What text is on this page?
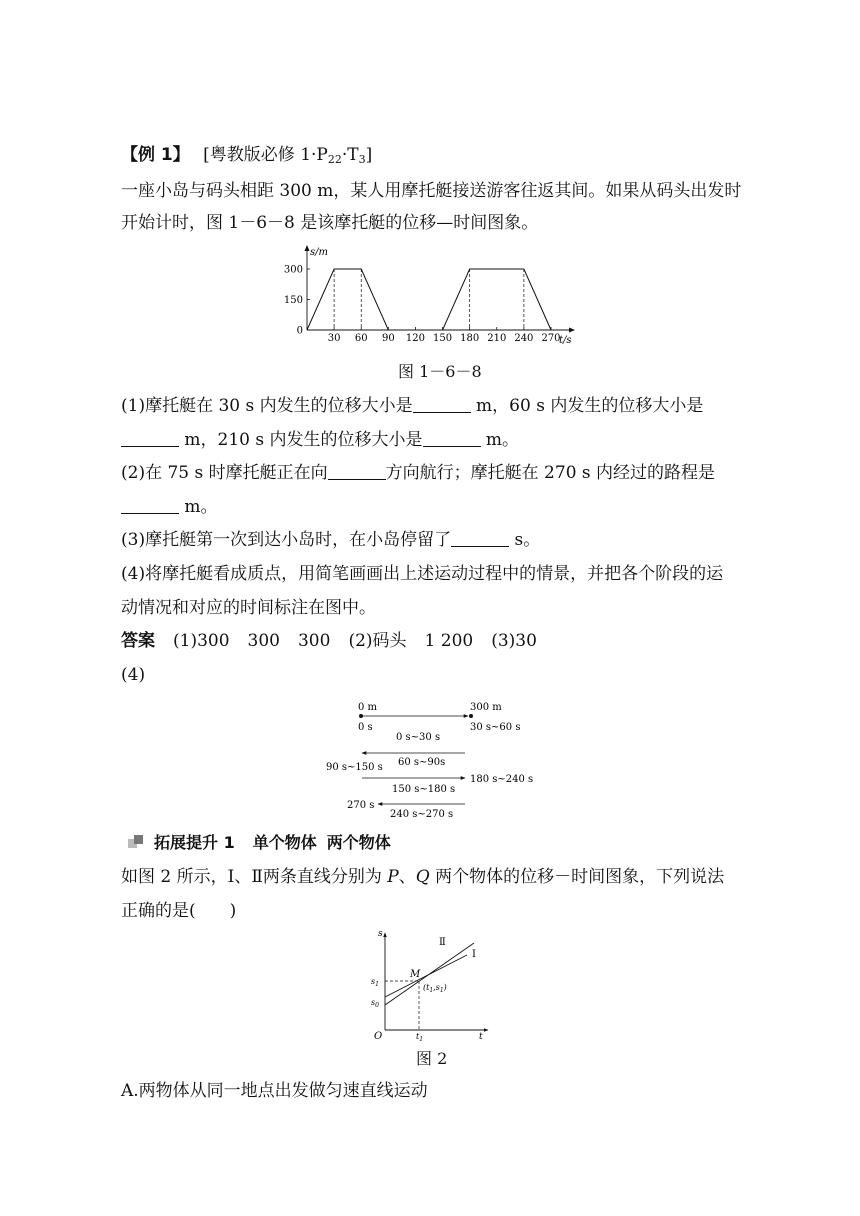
【例 1】 [粤教版必修 $1\cdot P_{22}\cdot T_3$]
一座小岛与码头相距 300 m，某人用摩托艇接送游客往返其间。如果从码头出发时
开始计时，图 1－6－8 是该摩托艇的位移—时间图象。
300
150
0
30 60 90 120 150 180 210 240 270
s/m
t/s
图 1－6－8
(1)摩托艇在 30 s 内发生的位移大小是	m，60 s 内发生的位移大小是
m，210 s 内发生的位移大小是	m。
(2)在 75 s 时摩托艇正在向	方向航行；摩托艇在 270 s 内经过的路程是
m。
(3)摩托艇第一次到达小岛时，在小岛停留了	s。
(4)将摩托艇看成质点，用简笔画画出上述运动过程中的情景，并把各个阶段的运
动情况和对应的时间标注在图中。
答案 (1)300 300 300 (2)码头 1 200 (3)30
(4)
0 m	300 m
0 s
0 s~30 s
30 s~60 s
60 s~90s
90 s~150 s
180 s~240 s
150 s~180 s
270 s
240 s~270 s
拓展提升 1 单个物体 两个物体
如图 2 所示，Ⅰ、Ⅱ两条直线分别为 P、Q 两个物体的位移－时间图象，下列说法
正确的是(　　)
s
t
O
Ⅱ
Ⅰ
M
$(t_1,s_1)$
$s_1$
$s_0$
$t_1$
图 2
A.两物体从同一地点出发做匀速直线运动
